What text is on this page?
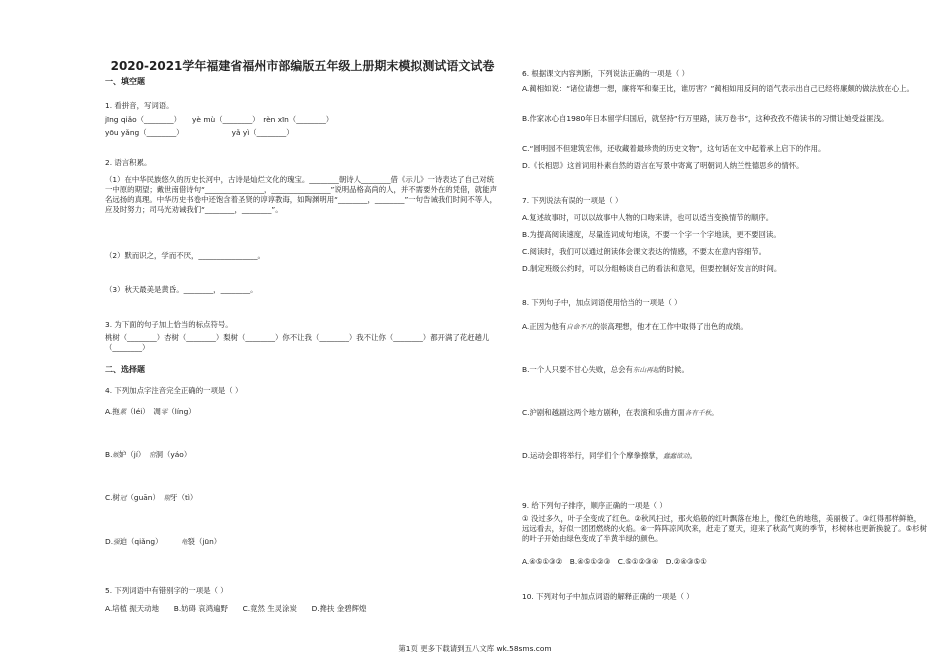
2020-2021学年福建省福州市部编版五年级上册期末模拟测试语文试卷
一、填空题
1. 看拼音，写词语。
jīng qiǎo（________）　　yè mù（________）　rèn xīn（________）
yōu yǎng（________）　　　　　　　yǎ yì（________）
2. 语言积累。
（1）在中华民族悠久的历史长河中，古诗是灿烂文化的瑰宝。________朝诗人________借《示儿》一诗表达了自己对统一中原的期望；戴世南借诗句“________________，________________”说明品格高尚的人，并不需要外在的凭借，就能声名远扬的真理。中华历史书卷中还饱含着圣贤的谆谆教诲，如陶渊明用“________，________”一句告诫我们时间不等人，应及时努力；司马光劝诫我们“________，________”。
（2）默而识之，学而不厌，________________。
（3）秋天最美是黄昏。________，________。
3. 为下面的句子加上恰当的标点符号。
桃树（________）杏树（________）梨树（________）你不让我（________）我不让你（________）都开满了花赶趟儿（________）
二、选择题
4. 下列加点字注音完全正确的一项是（ ）
A.拖累（léi）　凋零（líng）
B.嫉妒（jí）　 窑洞（yáo）
C.树冠（guān）　 剔牙（tì）
D.强迫（qiǎng）　　　	龟裂（jūn）
5. 下列词语中有错别字的一项是（ ）
A.培植 振天动地　　B.妨碍 哀鸿遍野　　C.竟然 生灵涂炭　　D.搀扶 金碧辉煌
6. 根据课文内容判断，下列说法正确的一项是（ ）
A.蔺相如说：“诸位请想一想，廉将军和秦王比，谁厉害？”蔺相如用反问的语气表示出自己已经将廉颇的做法放在心上。
B.作家冰心自1980年日本留学归国后，就坚持“行万里路，读万卷书”，这种孜孜不倦读书的习惯让她受益匪浅。
C.“圆明园不但建筑宏伟，还收藏着最珍贵的历史文物”，这句话在文中起着承上启下的作用。
D.《长相思》这首词用朴素自然的语言在写景中寄寓了明朝词人纳兰性德思乡的情怀。
7. 下列说法有误的一项是（ ）
A.复述故事时，可以以故事中人物的口吻来讲，也可以适当变换情节的顺序。
B.为提高阅读速度，尽量连词成句地读，不要一个字一个字地读，更不要回读。
C.阅读时，我们可以通过朗读体会课文表达的情感，不要太在意内容细节。
D.制定班级公约时，可以分组畅谈自己的看法和意见，但要控制好发言的时间。
8. 下列句子中，加点词语使用恰当的一项是（ ）
A.正因为他有自命不凡的崇高理想，他才在工作中取得了出色的成绩。
B.一个人只要不甘心失败，总会有东山再起的时候。
C.沪剧和越剧这两个地方剧种，在表演和乐曲方面各有千秋。
D.运动会即将举行，同学们个个摩拳擦掌，蠢蠢欲动。
9. 给下列句子排序，顺序正确的一项是（ ）
① 没过多久，叶子全变成了红色。②秋风扫过，那火焰般的红叶飘落在地上，像红色的地毯，美丽极了。③红得那样鲜艳，远远看去，好似一团团燃烧的火焰。④一阵阵凉风吹来，赶走了夏天，迎来了秋高气爽的季节，杉树林也更新换貌了。⑤杉树的叶子开始由绿色变成了半黄半绿的颜色。
A.④⑤①③②　B.④⑤①②③　C.⑤①②③④　D.②④③⑤①
10. 下列对句子中加点词语的解释正确的一项是（ ）
第1页 更多下载请到五八文库 wk.58sms.com
